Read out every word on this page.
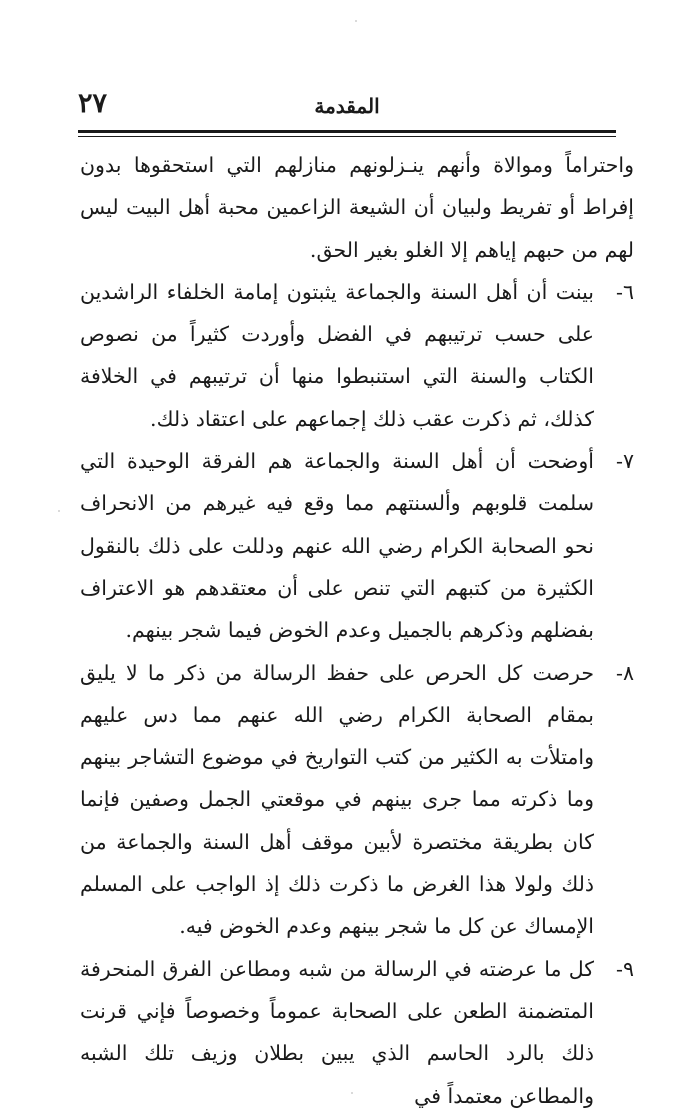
٢٧	المقدمة

واحتراماً وموالاة وأنهم ينـزلونهم منازلهم التي استحقوها بدون إفراط أو تفريط ولبيان أن الشيعة الزاعمين محبة أهل البيت ليس لهم من حبهم إياهم إلا الغلو بغير الحق.

٦-
بينت أن أهل السنة والجماعة يثبتون إمامة الخلفاء الراشدين على حسب ترتيبهم في الفضل وأوردت كثيراً من نصوص الكتاب والسنة التي استنبطوا منها أن ترتيبهم في الخلافة كذلك، ثم ذكرت عقب ذلك إجماعهم على اعتقاد ذلك.
٧-
أوضحت أن أهل السنة والجماعة هم الفرقة الوحيدة التي سلمت قلوبهم وألسنتهم مما وقع فيه غيرهم من الانحراف نحو الصحابة الكرام رضي الله عنهم ودللت على ذلك بالنقول الكثيرة من كتبهم التي تنص على أن معتقدهم هو الاعتراف بفضلهم وذكرهم بالجميل وعدم الخوض فيما شجر بينهم.
٨-
حرصت كل الحرص على حفظ الرسالة من ذكر ما لا يليق بمقام الصحابة الكرام رضي الله عنهم مما دس عليهم وامتلأت به الكثير من كتب التواريخ في موضوع التشاجر بينهم وما ذكرته مما جرى بينهم في موقعتي الجمل وصفين فإنما كان بطريقة مختصرة لأبين موقف أهل السنة والجماعة من ذلك ولولا هذا الغرض ما ذكرت ذلك إذ الواجب على المسلم الإمساك عن كل ما شجر بينهم وعدم الخوض فيه.
٩-
كل ما عرضته في الرسالة من شبه ومطاعن الفرق المنحرفة المتضمنة الطعن على الصحابة عموماً وخصوصاً فإني قرنت ذلك بالرد الحاسم الذي يبين بطلان وزيف تلك الشبه والمطاعن معتمداً في
